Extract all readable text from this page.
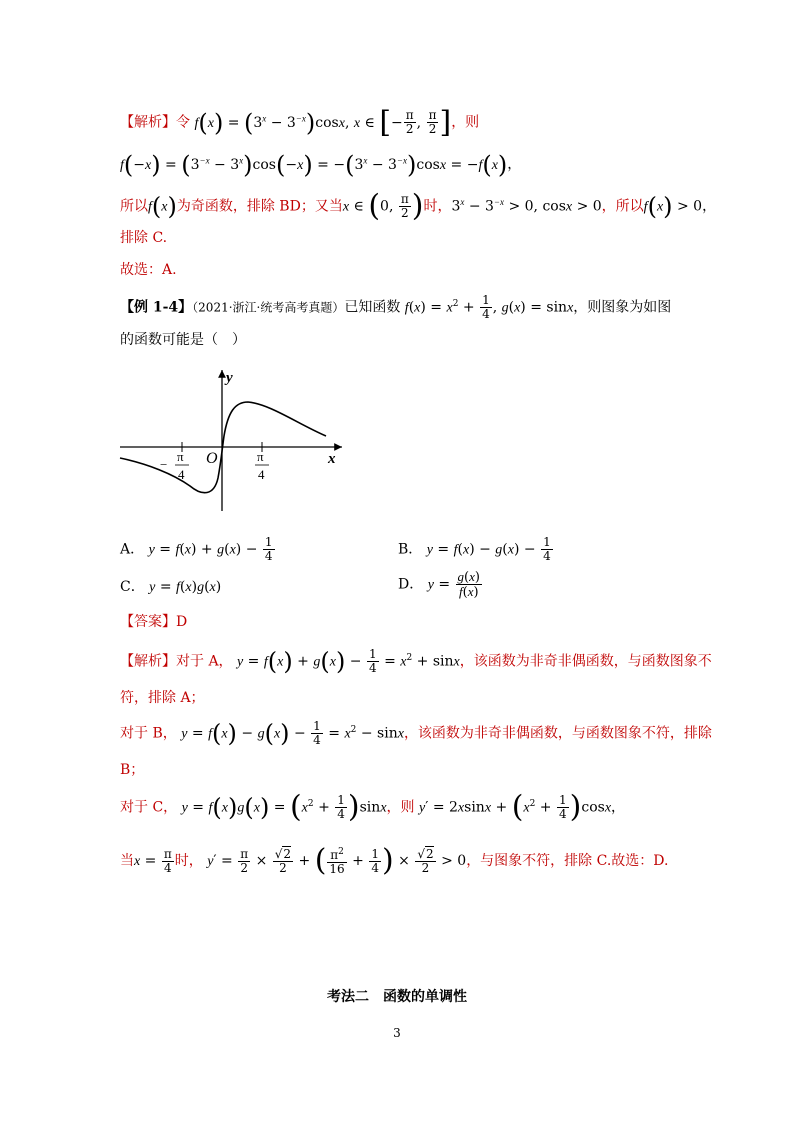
【解析】令 $f(x) = (3^x - 3^{-x})\cos x$, x ∈ [− $\frac{\pi}{2}$ , $\frac{\pi}{2}$ ]，则
$f(-x) = (3^{-x} - 3^x)\cos(-x) = -(3^x - 3^{-x})\cos x = -f(x)$，
所以f(x)为奇函数，排除 BD；又当x ∈ (0, $\frac{\pi}{2}$ )时，$3^x - 3^{-x} > 0$, cosx > 0，所以f(x) > 0，
排除 C.
故选：A.
【例 1-4】（2021·浙江·统考高考真题）已知函数 $f(x) = x^2 + \frac{1}{4}$ , g(x) = sinx，则图象为如图
的函数可能是（　）
y
x
O
−
π
4
π
4
A． $y = f(x) + g(x) - \frac{1}{4}$	B． $y = f(x) - g(x) - \frac{1}{4}$
C． y = f(x)g(x)	D． $y = \frac{g(x)}{f(x)}$
【答案】D
【解析】对于 A， $y = f(x) + g(x) - \frac{1}{4} = x^2 + \sin x$，该函数为非奇非偶函数，与函数图象不
符，排除 A；
对于 B， $y = f(x) - g(x) - \frac{1}{4} = x^2 - \sin x$，该函数为非奇非偶函数，与函数图象不符，排除
B；
对于 C， $y = f(x)g(x) = (x^2 + \frac{1}{4} )\sin x$，则 $y' = 2xsinx + (x^2 + \frac{1}{4} )\cos x$，
当$x = \frac{\pi}{4}$ 时， $y' = \frac{\pi}{2} \times \frac{√2}{2}$ + ( $\frac{\pi^2}{16} + \frac{1}{4}$ ) × $\frac{√2}{2} > 0$，与图象不符，排除 C.故选：D.
考法二　函数的单调性
3
